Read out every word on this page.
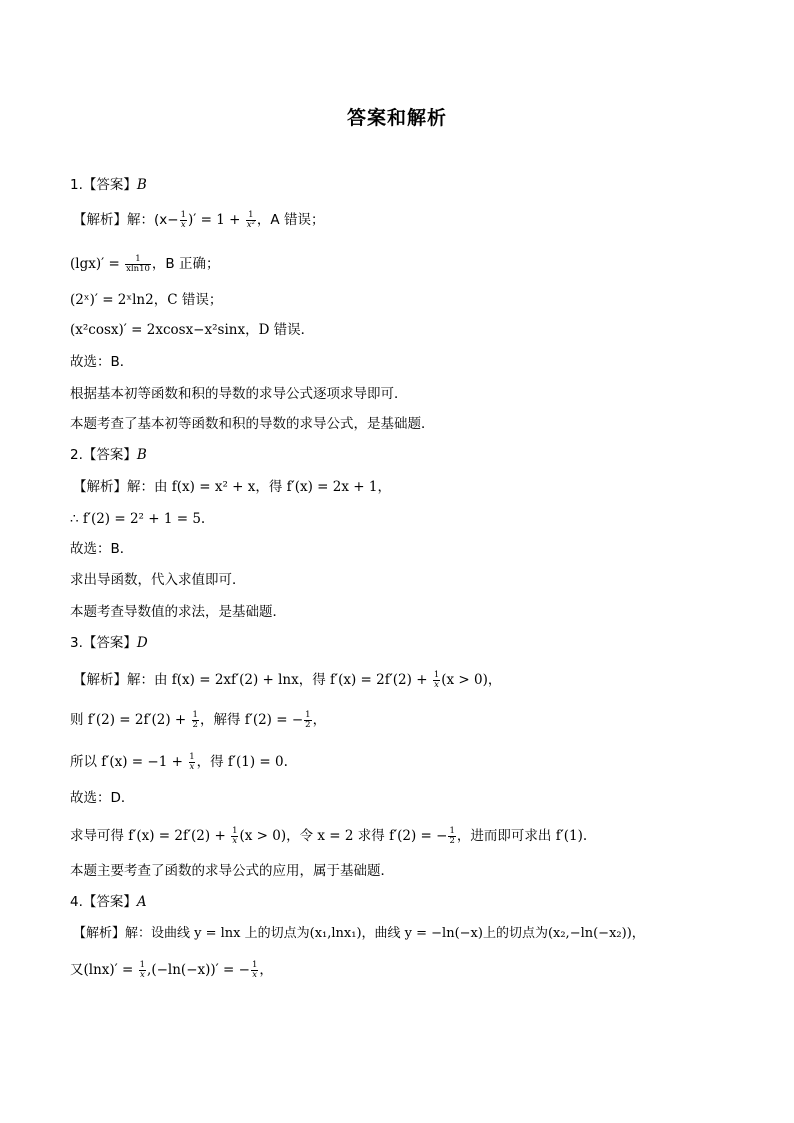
答案和解析
1.【答案】B
【解析】解：($x- \frac{1}{x}$ )′ = $1 + \frac{1}{\text{x²}}$ ，A 错误；
$(\lg x)' = \frac{1}{xln10}$ ，B 正确；
(2ˣ)′ = 2ˣln2，C 错误；
(x²cosx)′ = 2xcosx−x²sinx，D 错误．
故选：B．
根据基本初等函数和积的导数的求导公式逐项求导即可．
本题考查了基本初等函数和积的导数的求导公式，是基础题．
2.【答案】B
【解析】解：由 f(x) = x² + x，得 f′(x) = 2x + 1，
∴ f′(2) = 2² + 1 = 5.
故选：B．
求出导函数，代入求值即可．
本题考查导数值的求法，是基础题．
3.【答案】D
【解析】解：由 f(x) = 2xf′(2) + lnx，得 $f'(x) = 2f'(2) + \frac{1}{x} (x > 0)$，
则 $f'(2) = 2f'(2) + \frac{1}{2}$ ，解得 f′(2) = − $\frac{1}{2}$ ，
所以 $f'(x) = -1 + \frac{1}{x}$ ，得 f′(1) = 0.
故选：D．
求导可得 $f'(x) = 2f'(2) + \frac{1}{x} (x > 0)$，令 x = 2 求得 f′(2) = − $\frac{1}{2}$ ，进而即可求出 f′(1).
本题主要考查了函数的求导公式的应用，属于基础题．
4.【答案】A
【解析】解：设曲线 y = lnx 上的切点为(x₁,lnx₁)，曲线 y = −ln(−x)上的切点为(x₂,−ln(−x₂))，
又$(\ln x)' = \frac{1}{x} ,(-\ln(-x))'$ = − $\frac{1}{x}$ ，
